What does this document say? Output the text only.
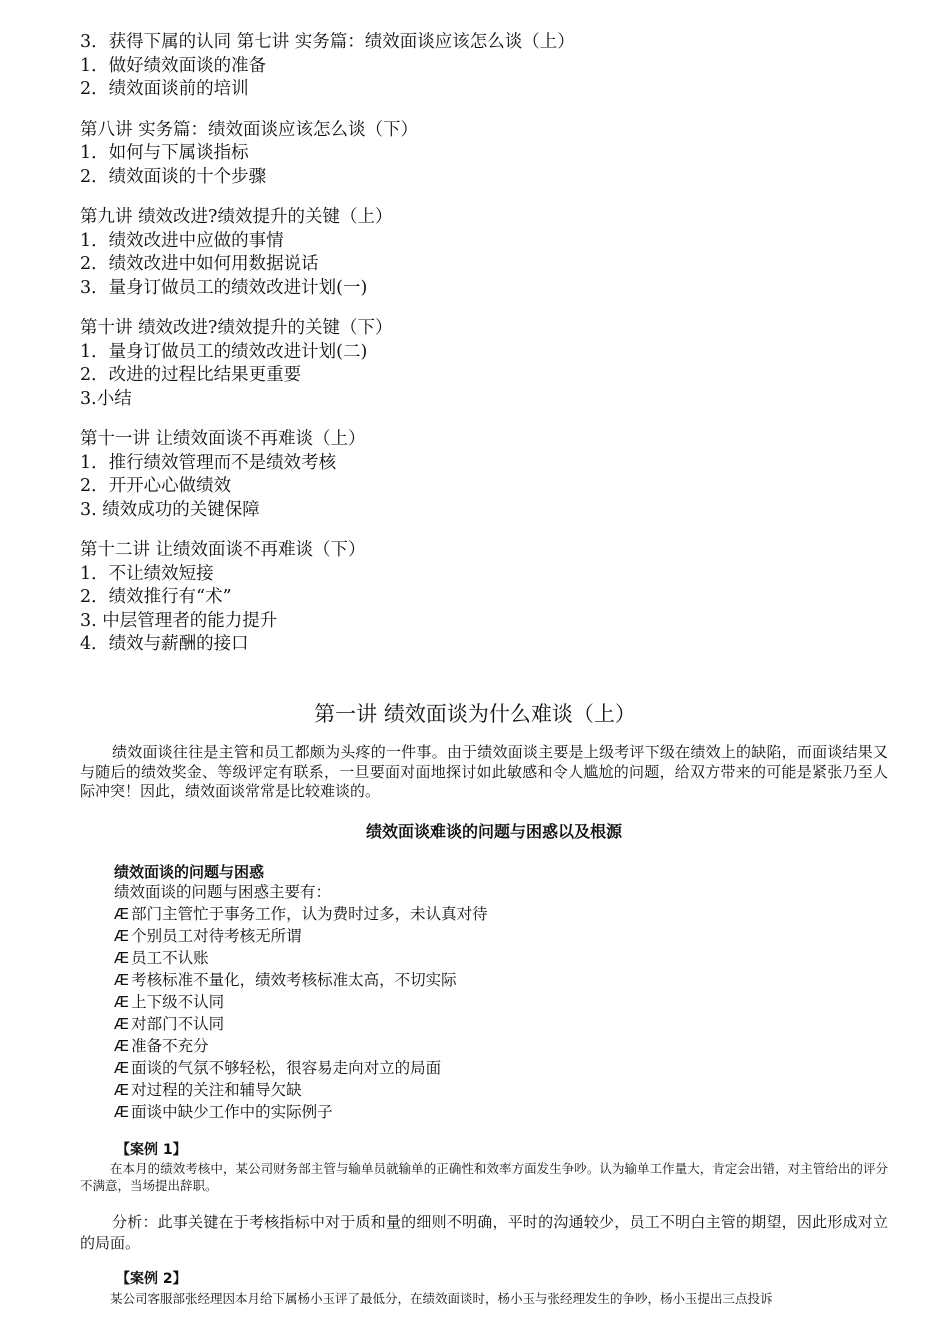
3．获得下属的认同 第七讲 实务篇：绩效面谈应该怎么谈（上）
1．做好绩效面谈的准备
2．绩效面谈前的培训
第八讲 实务篇：绩效面谈应该怎么谈（下）
1．如何与下属谈指标
2．绩效面谈的十个步骤
第九讲 绩效改进?绩效提升的关键（上）
1．绩效改进中应做的事情
2．绩效改进中如何用数据说话
3．量身订做员工的绩效改进计划(一)
第十讲 绩效改进?绩效提升的关键（下）
1．量身订做员工的绩效改进计划(二)
2．改进的过程比结果更重要
3.小结
第十一讲 让绩效面谈不再难谈（上）
1．推行绩效管理而不是绩效考核
2．开开心心做绩效
3. 绩效成功的关键保障
第十二讲 让绩效面谈不再难谈（下）
1．不让绩效短接
2．绩效推行有“术”
3. 中层管理者的能力提升
4．绩效与薪酬的接口
第一讲 绩效面谈为什么难谈（上）
绩效面谈往往是主管和员工都颇为头疼的一件事。由于绩效面谈主要是上级考评下级在绩效上的缺陷，而面谈结果又与随后的绩效奖金、等级评定有联系，一旦要面对面地探讨如此敏感和令人尴尬的问题，给双方带来的可能是紧张乃至人际冲突！因此，绩效面谈常常是比较难谈的。
绩效面谈难谈的问题与困惑以及根源
绩效面谈的问题与困惑
绩效面谈的问题与困惑主要有：
Æ 部门主管忙于事务工作，认为费时过多，未认真对待
Æ 个别员工对待考核无所谓
Æ 员工不认账
Æ 考核标准不量化，绩效考核标准太高，不切实际
Æ 上下级不认同
Æ 对部门不认同
Æ 准备不充分
Æ 面谈的气氛不够轻松，很容易走向对立的局面
Æ 对过程的关注和辅导欠缺
Æ 面谈中缺少工作中的实际例子
【案例 1】
在本月的绩效考核中，某公司财务部主管与输单员就输单的正确性和效率方面发生争吵。认为输单工作量大，肯定会出错，对主管给出的评分不满意，当场提出辞职。
分析：此事关键在于考核指标中对于质和量的细则不明确，平时的沟通较少，员工不明白主管的期望，因此形成对立的局面。
【案例 2】
某公司客服部张经理因本月给下属杨小玉评了最低分，在绩效面谈时，杨小玉与张经理发生的争吵，杨小玉提出三点投诉
